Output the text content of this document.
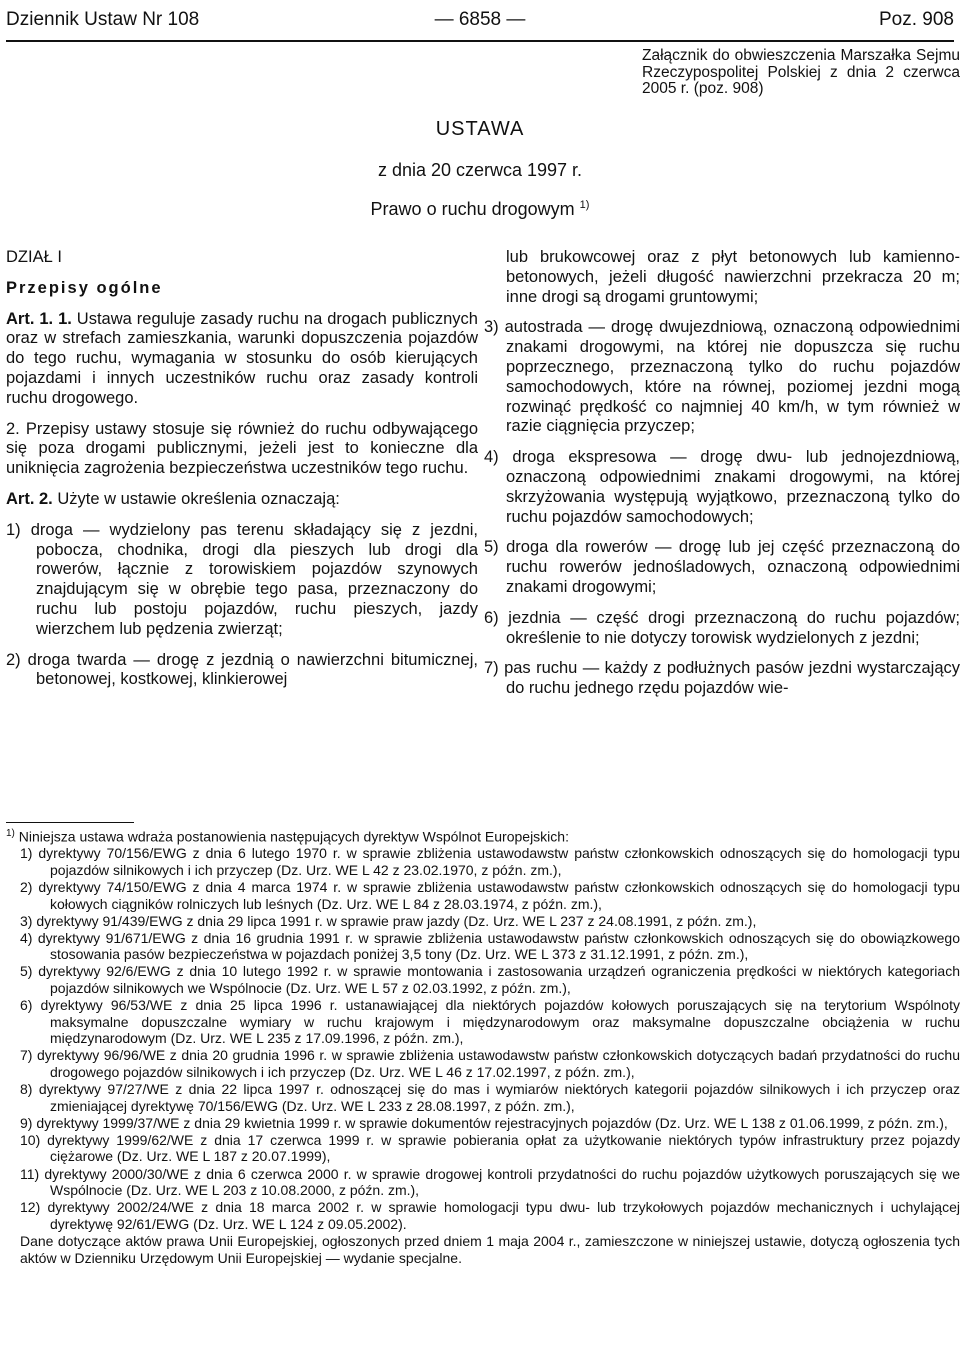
Dziennik Ustaw Nr 108	— 6858 —	Poz. 908
Załącznik do obwieszczenia Marszałka Sejmu Rzeczypospolitej Polskiej z dnia 2 czerwca 2005 r. (poz. 908)
USTAWA
z dnia 20 czerwca 1997 r.
Prawo o ruchu drogowym $^{1)}$

DZIAŁ I

Przepisy ogólne

Art. 1. 1. Ustawa reguluje zasady ruchu na drogach publicznych oraz w strefach zamieszkania, warunki dopuszczenia pojazdów do tego ruchu, wymagania w stosunku do osób kierujących pojazdami i innych uczestników ruchu oraz zasady kontroli ruchu drogowego.

2. Przepisy ustawy stosuje się również do ruchu odbywającego się poza drogami publicznymi, jeżeli jest to konieczne dla uniknięcia zagrożenia bezpieczeństwa uczestników tego ruchu.

Art. 2. Użyte w ustawie określenia oznaczają:

1) droga — wydzielony pas terenu składający się z jezdni, pobocza, chodnika, drogi dla pieszych lub drogi dla rowerów, łącznie z torowiskiem pojazdów szynowych znajdującym się w obrębie tego pasa, przeznaczony do ruchu lub postoju pojazdów, ruchu pieszych, jazdy wierzchem lub pędzenia zwierząt;

2) droga twarda — drogę z jezdnią o nawierzchni bitumicznej, betonowej, kostkowej, klinkierowej

lub brukowcowej oraz z płyt betonowych lub kamienno-betonowych, jeżeli długość nawierzchni przekracza 20 m; inne drogi są drogami gruntowymi;

3) autostrada — drogę dwujezdniową, oznaczoną odpowiednimi znakami drogowymi, na której nie dopuszcza się ruchu poprzecznego, przeznaczoną tylko do ruchu pojazdów samochodowych, które na równej, poziomej jezdni mogą rozwinąć prędkość co najmniej 40 km/h, w tym również w razie ciągnięcia przyczep;

4) droga ekspresowa — drogę dwu- lub jednojezdniową, oznaczoną odpowiednimi znakami drogowymi, na której skrzyżowania występują wyjątkowo, przeznaczoną tylko do ruchu pojazdów samochodowych;

5) droga dla rowerów — drogę lub jej część przeznaczoną do ruchu rowerów jednośladowych, oznaczoną odpowiednimi znakami drogowymi;

6) jezdnia — część drogi przeznaczoną do ruchu pojazdów; określenie to nie dotyczy torowisk wydzielonych z jezdni;

7) pas ruchu — każdy z podłużnych pasów jezdni wystarczający do ruchu jednego rzędu pojazdów wie-

$^{1)}$ Niniejsza ustawa wdraża postanowienia następujących dyrektyw Wspólnot Europejskich:

1) dyrektywy 70/156/EWG z dnia 6 lutego 1970 r. w sprawie zbliżenia ustawodawstw państw członkowskich odnoszących się do homologacji typu pojazdów silnikowych i ich przyczep (Dz. Urz. WE L 42 z 23.02.1970, z późn. zm.),

2) dyrektywy 74/150/EWG z dnia 4 marca 1974 r. w sprawie zbliżenia ustawodawstw państw członkowskich odnoszących się do homologacji typu kołowych ciągników rolniczych lub leśnych (Dz. Urz. WE L 84 z 28.03.1974, z późn. zm.),

3) dyrektywy 91/439/EWG z dnia 29 lipca 1991 r. w sprawie praw jazdy (Dz. Urz. WE L 237 z 24.08.1991, z późn. zm.),

4) dyrektywy 91/671/EWG z dnia 16 grudnia 1991 r. w sprawie zbliżenia ustawodawstw państw członkowskich odnoszących się do obowiązkowego stosowania pasów bezpieczeństwa w pojazdach poniżej 3,5 tony (Dz. Urz. WE L 373 z 31.12.1991, z późn. zm.),

5) dyrektywy 92/6/EWG z dnia 10 lutego 1992 r. w sprawie montowania i zastosowania urządzeń ograniczenia prędkości w niektórych kategoriach pojazdów silnikowych we Wspólnocie (Dz. Urz. WE L 57 z 02.03.1992, z późn. zm.),

6) dyrektywy 96/53/WE z dnia 25 lipca 1996 r. ustanawiającej dla niektórych pojazdów kołowych poruszających się na terytorium Wspólnoty maksymalne dopuszczalne wymiary w ruchu krajowym i międzynarodowym oraz maksymalne dopuszczalne obciążenia w ruchu międzynarodowym (Dz. Urz. WE L 235 z 17.09.1996, z późn. zm.),

7) dyrektywy 96/96/WE z dnia 20 grudnia 1996 r. w sprawie zbliżenia ustawodawstw państw członkowskich dotyczących badań przydatności do ruchu drogowego pojazdów silnikowych i ich przyczep (Dz. Urz. WE L 46 z 17.02.1997, z późn. zm.),

8) dyrektywy 97/27/WE z dnia 22 lipca 1997 r. odnoszącej się do mas i wymiarów niektórych kategorii pojazdów silnikowych i ich przyczep oraz zmieniającej dyrektywę 70/156/EWG (Dz. Urz. WE L 233 z 28.08.1997, z późn. zm.),

9) dyrektywy 1999/37/WE z dnia 29 kwietnia 1999 r. w sprawie dokumentów rejestracyjnych pojazdów (Dz. Urz. WE L 138 z 01.06.1999, z późn. zm.),

10) dyrektywy 1999/62/WE z dnia 17 czerwca 1999 r. w sprawie pobierania opłat za użytkowanie niektórych typów infrastruktury przez pojazdy ciężarowe (Dz. Urz. WE L 187 z 20.07.1999),

11) dyrektywy 2000/30/WE z dnia 6 czerwca 2000 r. w sprawie drogowej kontroli przydatności do ruchu pojazdów użytkowych poruszających się we Wspólnocie (Dz. Urz. WE L 203 z 10.08.2000, z późn. zm.),

12) dyrektywy 2002/24/WE z dnia 18 marca 2002 r. w sprawie homologacji typu dwu- lub trzykołowych pojazdów mechanicznych i uchylającej dyrektywę 92/61/EWG (Dz. Urz. WE L 124 z 09.05.2002).

Dane dotyczące aktów prawa Unii Europejskiej, ogłoszonych przed dniem 1 maja 2004 r., zamieszczone w niniejszej ustawie, dotyczą ogłoszenia tych aktów w Dzienniku Urzędowym Unii Europejskiej — wydanie specjalne.
